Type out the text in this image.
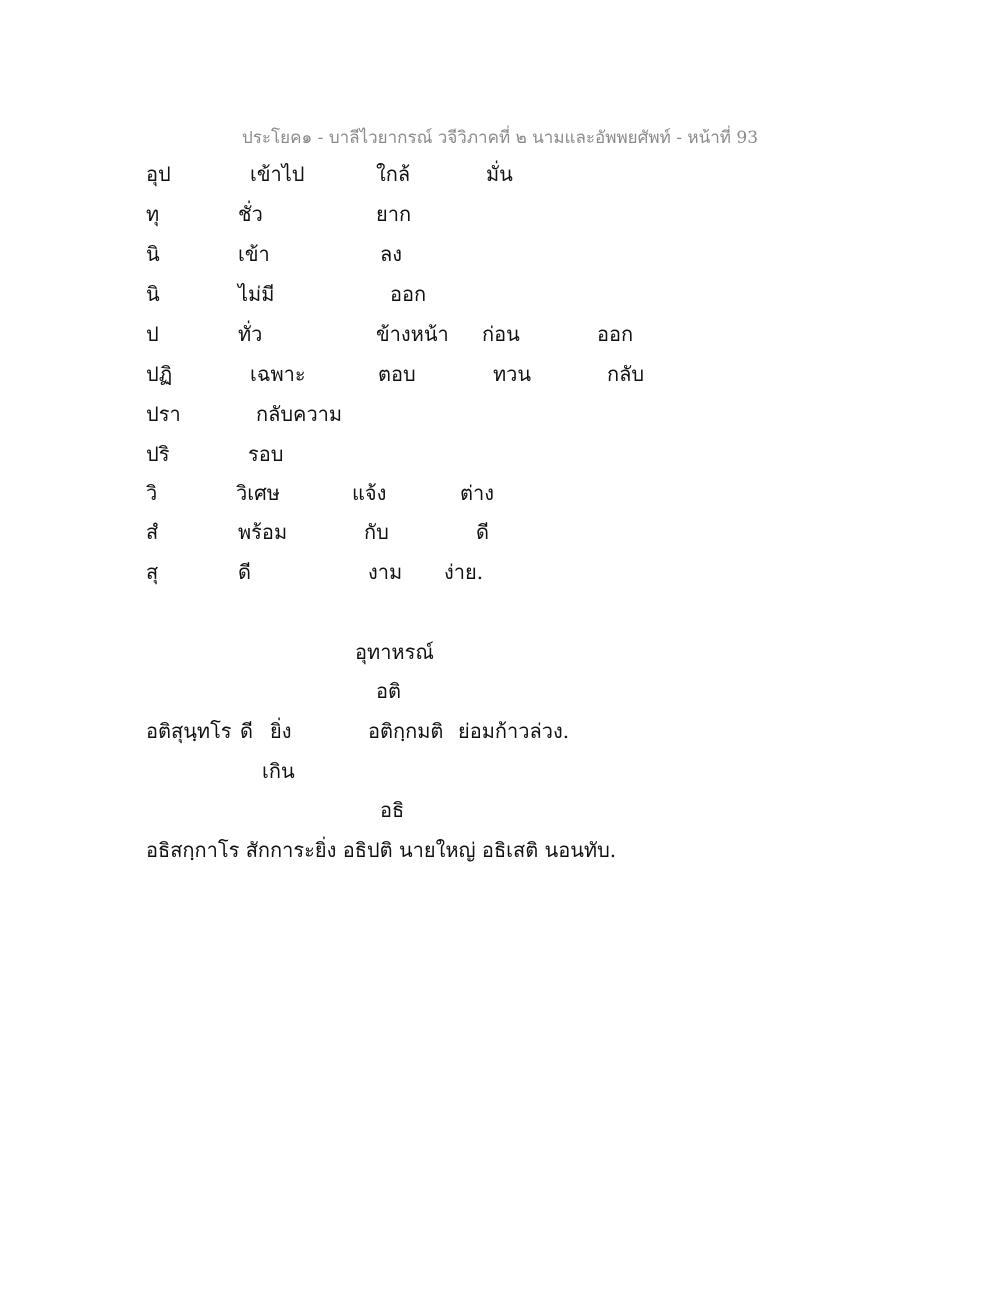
ประโยค๑ - บาลีไวยากรณ์ วจีวิภาคที่ ๒ นามและอัพพยศัพท์ - หน้าที่ 93
อุป	เข้าไป	ใกล้	มั่น
ทุ	ชั่ว	ยาก
นิ	เข้า	ลง
นิ	ไม่มี	ออก
ป	ทั่ว	ข้างหน้า ก่อน	ออก
ปฏิ	เฉพาะ	ตอบ	ทวน	กลับ
ปรา	กลับความ
ปริ	รอบ
วิ	วิเศษ	แจ้ง	ต่าง
สํ	พร้อม	กับ	ดี
สุ	ดี	งาม ง่าย.
อุทาหรณ์
อติ
อติสุนฺทโร ดี ยิ่ง	อติกฺกมติ ย่อมก้าวล่วง.
เกิน
อธิ
อธิสกฺกาโร สักการะยิ่ง อธิปติ นายใหญ่ อธิเสติ นอนทับ.
